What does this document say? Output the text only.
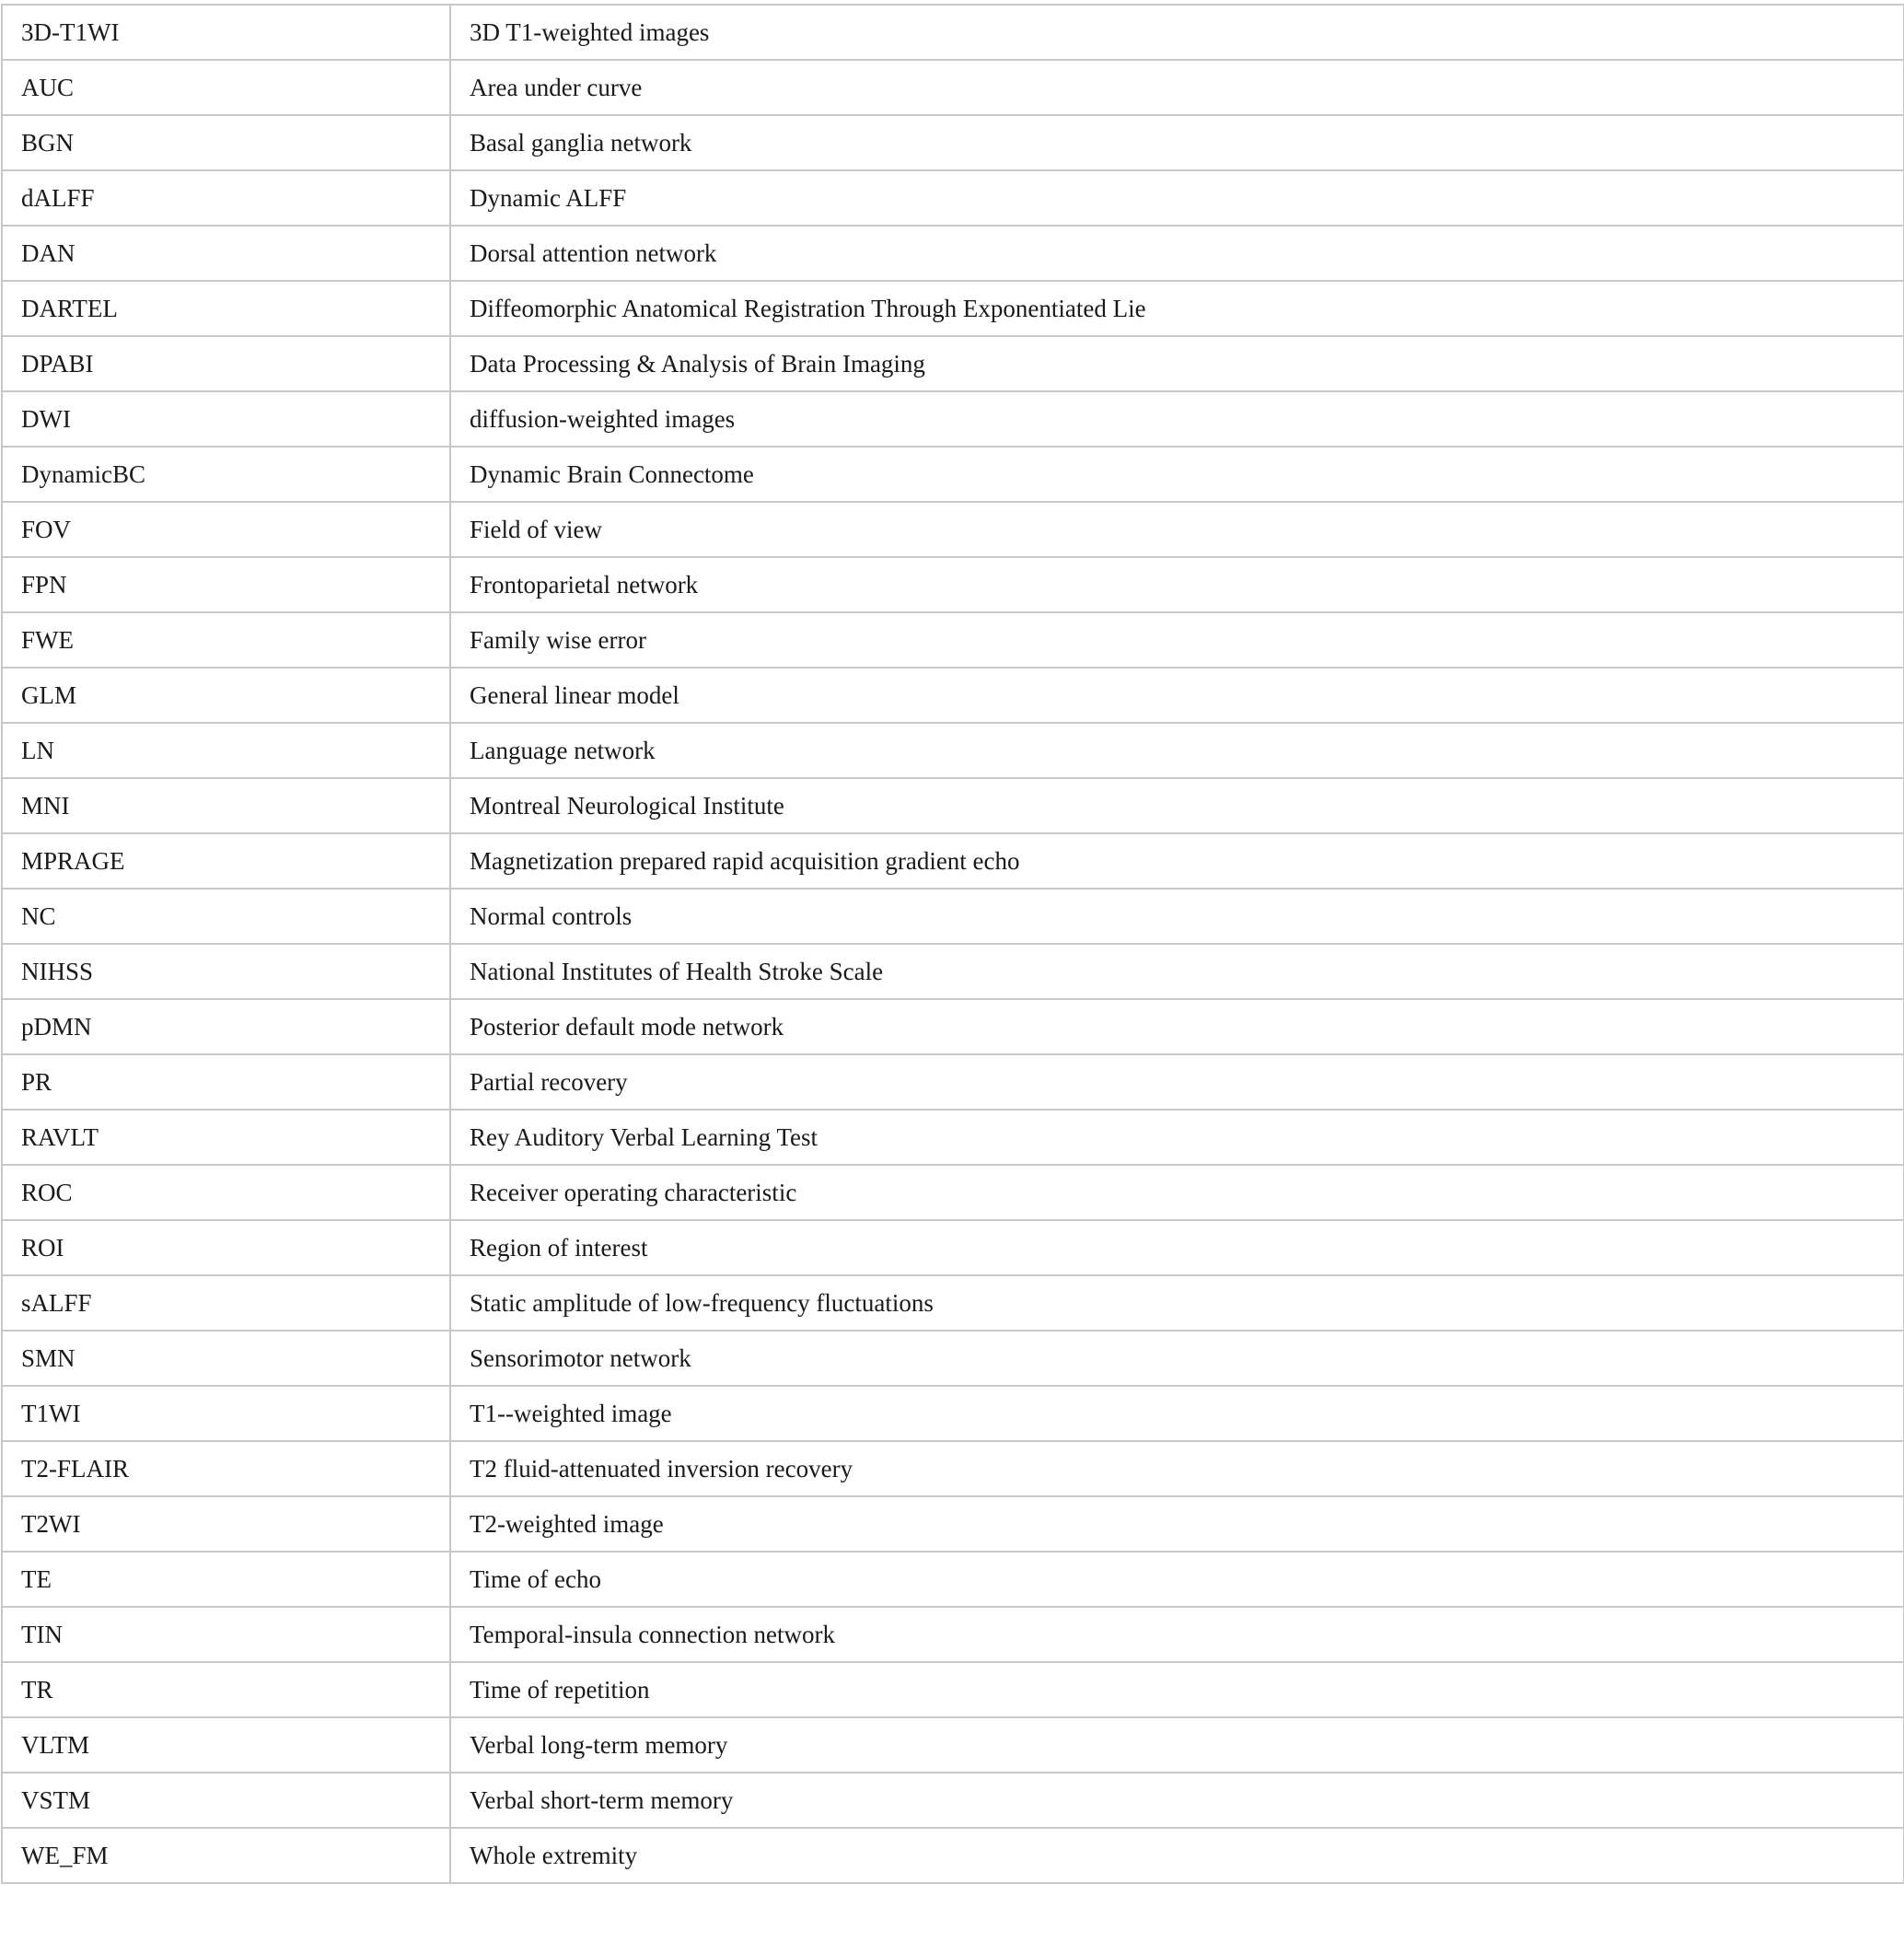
3D-T1WI	3D T1-weighted images
AUC	Area under curve
BGN	Basal ganglia network
dALFF	Dynamic ALFF
DAN	Dorsal attention network
DARTEL	Diffeomorphic Anatomical Registration Through Exponentiated Lie
DPABI	Data Processing & Analysis of Brain Imaging
DWI	diffusion-weighted images
DynamicBC	Dynamic Brain Connectome
FOV	Field of view
FPN	Frontoparietal network
FWE	Family wise error
GLM	General linear model
LN	Language network
MNI	Montreal Neurological Institute
MPRAGE	Magnetization prepared rapid acquisition gradient echo
NC	Normal controls
NIHSS	National Institutes of Health Stroke Scale
pDMN	Posterior default mode network
PR	Partial recovery
RAVLT	Rey Auditory Verbal Learning Test
ROC	Receiver operating characteristic
ROI	Region of interest
sALFF	Static amplitude of low-frequency fluctuations
SMN	Sensorimotor network
T1WI	T1--weighted image
T2-FLAIR	T2 fluid-attenuated inversion recovery
T2WI	T2-weighted image
TE	Time of echo
TIN	Temporal-insula connection network
TR	Time of repetition
VLTM	Verbal long-term memory
VSTM	Verbal short-term memory
WE_FM	Whole extremity
